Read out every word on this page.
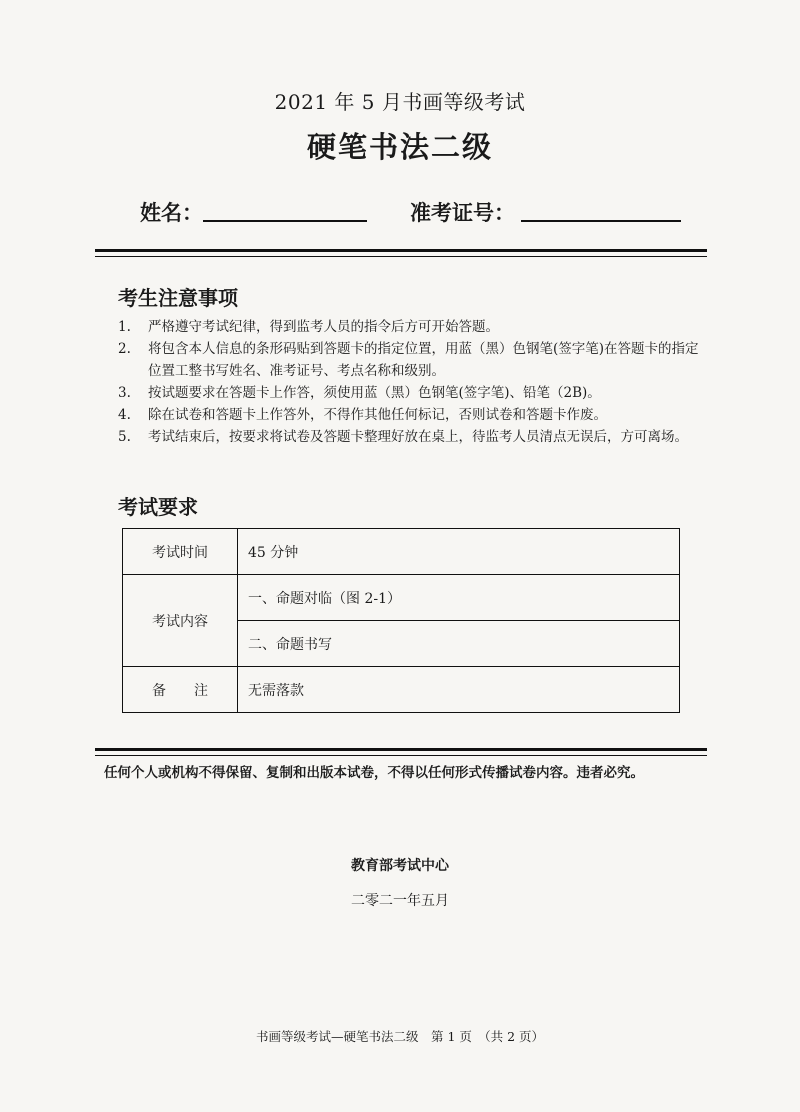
2021 年 5 月书画等级考试
硬笔书法二级
姓名：	准考证号：
考生注意事项
1. 严格遵守考试纪律，得到监考人员的指令后方可开始答题。
2. 将包含本人信息的条形码贴到答题卡的指定位置，用蓝（黑）色钢笔(签字笔)在答题卡的指定位置工整书写姓名、准考证号、考点名称和级别。
3. 按试题要求在答题卡上作答，须使用蓝（黑）色钢笔(签字笔)、铅笔（2B)。
4. 除在试卷和答题卡上作答外，不得作其他任何标记，否则试卷和答题卡作废。
5. 考试结束后，按要求将试卷及答题卡整理好放在桌上，待监考人员清点无误后，方可离场。
考试要求
考试时间	45 分钟
考试内容	一、命题对临（图 2-1）
	二、命题书写
备　　注	无需落款
任何个人或机构不得保留、复制和出版本试卷，不得以任何形式传播试卷内容。违者必究。
教育部考试中心
二零二一年五月
书画等级考试—硬笔书法二级　第 1 页　（共 2 页）
